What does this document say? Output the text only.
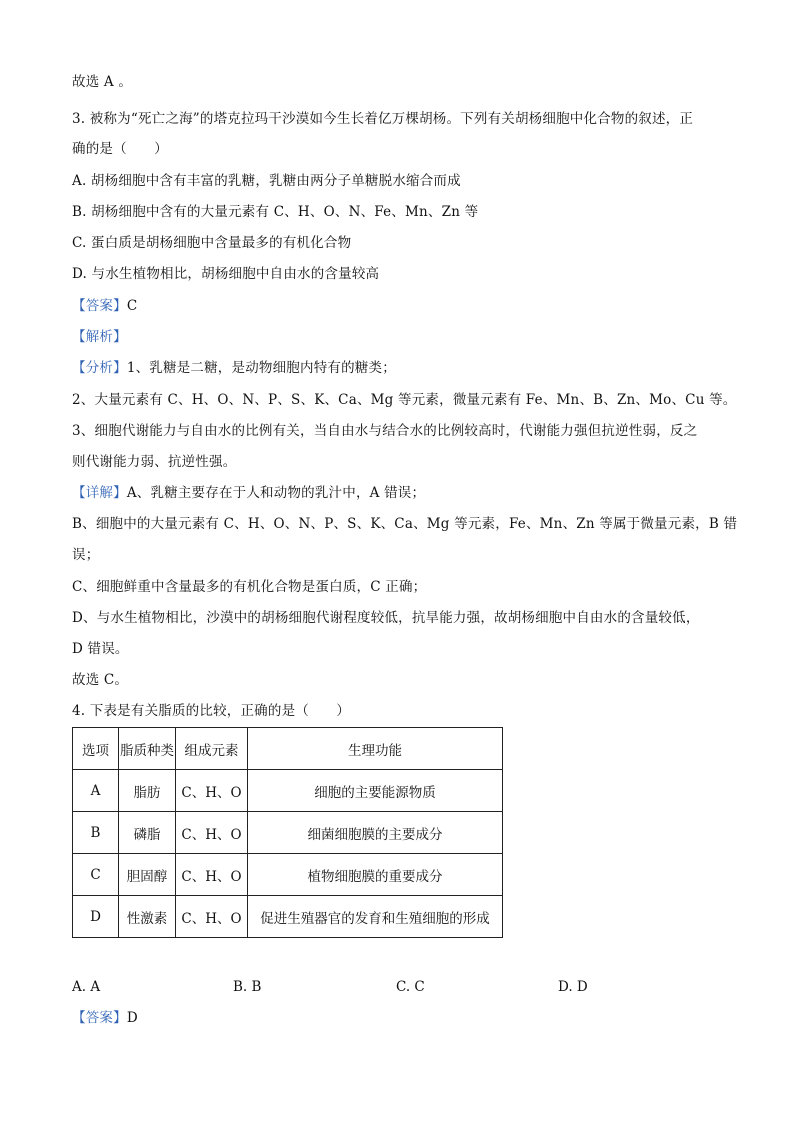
故选 A 。
3. 被称为“死亡之海”的塔克拉玛干沙漠如今生长着亿万棵胡杨。下列有关胡杨细胞中化合物的叙述，正
确的是（　　）
A. 胡杨细胞中含有丰富的乳糖，乳糖由两分子单糖脱水缩合而成
B. 胡杨细胞中含有的大量元素有 C、H、O、N、Fe、Mn、Zn 等
C. 蛋白质是胡杨细胞中含量最多的有机化合物
D. 与水生植物相比，胡杨细胞中自由水的含量较高
【答案】C
【解析】
【分析】1、乳糖是二糖，是动物细胞内特有的糖类；
2、大量元素有 C、H、O、N、P、S、K、Ca、Mg 等元素，微量元素有 Fe、Mn、B、Zn、Mo、Cu 等。
3、细胞代谢能力与自由水的比例有关，当自由水与结合水的比例较高时，代谢能力强但抗逆性弱，反之
则代谢能力弱、抗逆性强。
【详解】A、乳糖主要存在于人和动物的乳汁中，A 错误；
B、细胞中的大量元素有 C、H、O、N、P、S、K、Ca、Mg 等元素，Fe、Mn、Zn 等属于微量元素，B 错
误；
C、细胞鲜重中含量最多的有机化合物是蛋白质，C 正确；
D、与水生植物相比，沙漠中的胡杨细胞代谢程度较低，抗旱能力强，故胡杨细胞中自由水的含量较低，
D 错误。
故选 C。
4. 下表是有关脂质的比较，正确的是（　　）
选项	脂质种类	组成元素	生理功能
A	脂肪	C、H、O	细胞的主要能源物质
B	磷脂	C、H、O	细菌细胞膜的主要成分
C	胆固醇	C、H、O	植物细胞膜的重要成分
D	性激素	C、H、O	促进生殖器官的发育和生殖细胞的形成
A. A	B. B	C. C	D. D
【答案】D
